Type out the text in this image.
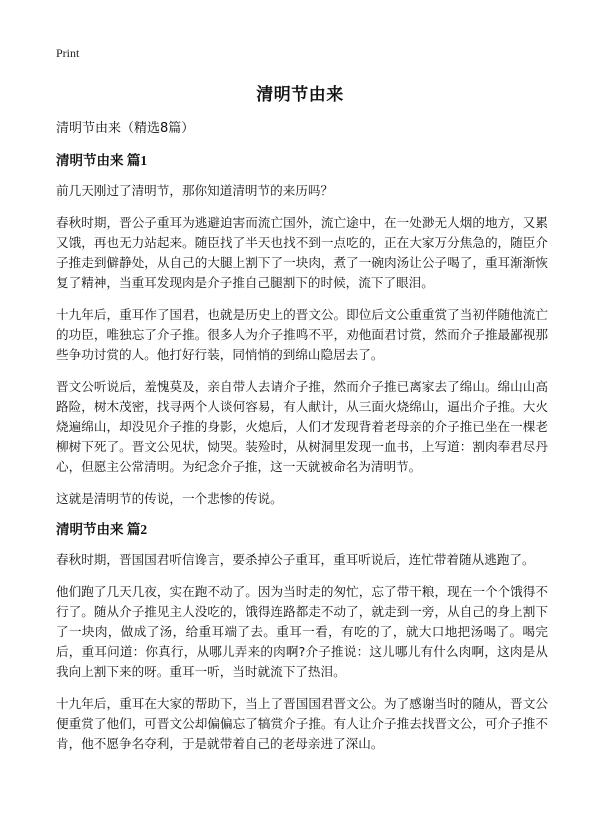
Print
清明节由来
清明节由来（精选8篇）
清明节由来 篇1

前几天刚过了清明节，那你知道清明节的来历吗？

春秋时期，晋公子重耳为逃避迫害而流亡国外，流亡途中，在一处渺无人烟的地方，又累又饿，再也无力站起来。随臣找了半天也找不到一点吃的，正在大家万分焦急的，随臣介子推走到僻静处，从自己的大腿上割下了一块肉，煮了一碗肉汤让公子喝了，重耳渐渐恢复了精神，当重耳发现肉是介子推自己腿割下的时候，流下了眼泪。

十九年后，重耳作了国君，也就是历史上的晋文公。即位后文公重重赏了当初伴随他流亡的功臣，唯独忘了介子推。很多人为介子推鸣不平，劝他面君讨赏，然而介子推最鄙视那些争功讨赏的人。他打好行装，同悄悄的到绵山隐居去了。

晋文公听说后，羞愧莫及，亲自带人去请介子推，然而介子推已离家去了绵山。绵山山高路险，树木茂密，找寻两个人谈何容易，有人献计，从三面火烧绵山，逼出介子推。大火烧遍绵山，却没见介子推的身影，火熄后，人们才发现背着老母亲的介子推已坐在一棵老柳树下死了。晋文公见状，恸哭。装殓时，从树洞里发现一血书，上写道：割肉奉君尽丹心，但愿主公常清明。为纪念介子推，这一天就被命名为清明节。

这就是清明节的传说，一个悲惨的传说。

清明节由来 篇2

春秋时期，晋国国君听信谗言，要杀掉公子重耳，重耳听说后，连忙带着随从逃跑了。

他们跑了几天几夜，实在跑不动了。因为当时走的匆忙，忘了带干粮，现在一个个饿得不行了。随从介子推见主人没吃的，饿得连路都走不动了，就走到一旁，从自己的身上割下了一块肉，做成了汤，给重耳端了去。重耳一看，有吃的了，就大口地把汤喝了。喝完后，重耳问道：你真行，从哪儿弄来的肉啊?介子推说：这儿哪儿有什么肉啊，这肉是从我向上割下来的呀。重耳一听，当时就流下了热泪。

十九年后，重耳在大家的帮助下，当上了晋国国君晋文公。为了感谢当时的随从，晋文公便重赏了他们，可晋文公却偏偏忘了犒赏介子推。有人让介子推去找晋文公，可介子推不肯，他不愿争名夺利，于是就带着自己的老母亲进了深山。
